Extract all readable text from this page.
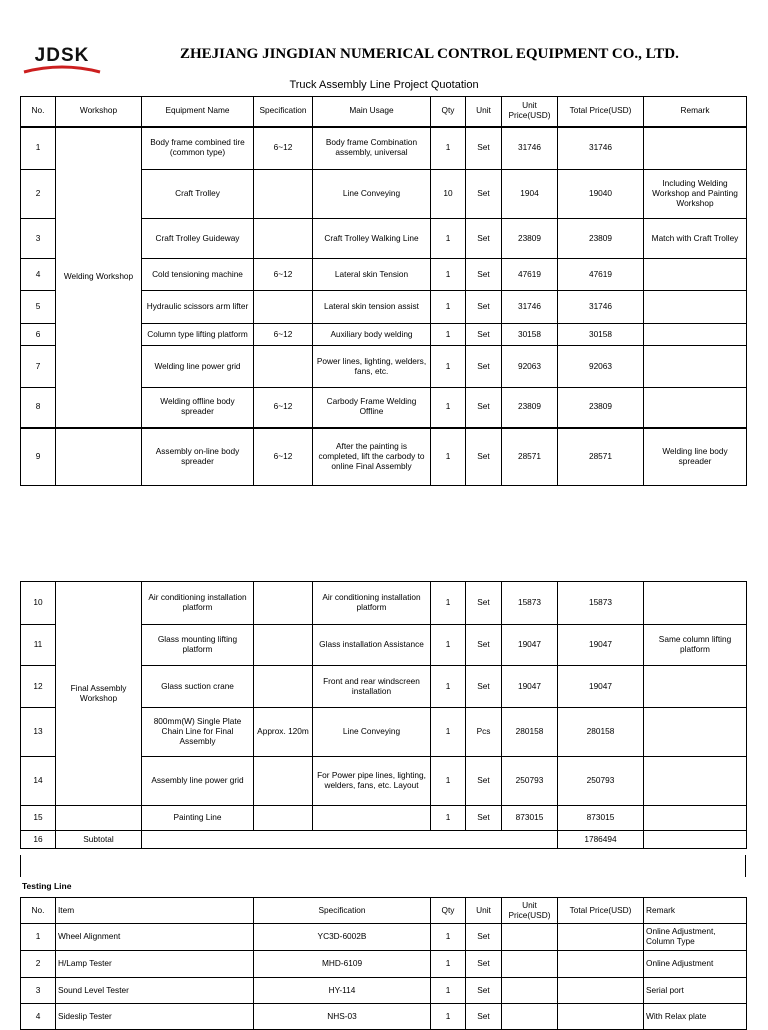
JDSK	ZHEJIANG JINGDIAN NUMERICAL CONTROL EQUIPMENT CO., LTD.
Truck Assembly Line Project Quotation
No.	Workshop	Equipment Name	Specification	Main Usage	Qty	Unit	Unit Price(USD)	Total Price(USD)	Remark
1	Welding Workshop	Body frame combined tire (common type)	6~12	Body frame Combination assembly, universal	1	Set	31746	31746	
2		Craft Trolley		Line Conveying	10	Set	1904	19040	Including Welding Workshop and Painting Workshop
3		Craft Trolley Guideway		Craft Trolley Walking Line	1	Set	23809	23809	Match with Craft Trolley
4		Cold tensioning machine	6~12	Lateral skin Tension	1	Set	47619	47619	
5		Hydraulic scissors arm lifter		Lateral skin tension assist	1	Set	31746	31746	
6		Column type lifting platform	6~12	Auxiliary body welding	1	Set	30158	30158	
7		Welding line power grid		Power lines, lighting, welders, fans, etc.	1	Set	92063	92063	
8		Welding offline body spreader	6~12	Carbody Frame Welding Offline	1	Set	23809	23809	
9		Assembly on-line body spreader	6~12	After the painting is completed, lift the carbody to online Final Assembly	1	Set	28571	28571	Welding line body spreader
10	Final Assembly Workshop	Air conditioning installation platform		Air conditioning installation platform	1	Set	15873	15873	
11		Glass mounting lifting platform		Glass installation Assistance	1	Set	19047	19047	Same column lifting platform
12		Glass suction crane		Front and rear windscreen installation	1	Set	19047	19047	
13		800mm(W) Single Plate Chain Line for Final Assembly	Approx. 120m	Line Conveying	1	Pcs	280158	280158	
14		Assembly line power grid		For Power pipe lines, lighting, welders, fans, etc. Layout	1	Set	250793	250793	
15		Painting Line			1	Set	873015	873015	
16	Subtotal							1786494	
Testing Line
No.	Item	Specification	Qty	Unit	Unit Price(USD)	Total Price(USD)	Remark
1	Wheel Alignment	YC3D-6002B	1	Set			Online Adjustment, Column Type
2	H/Lamp Tester	MHD-6109	1	Set			Online Adjustment
3	Sound Level Tester	HY-114	1	Set			Serial port
4	Sideslip Tester	NHS-03	1	Set			With Relax plate
